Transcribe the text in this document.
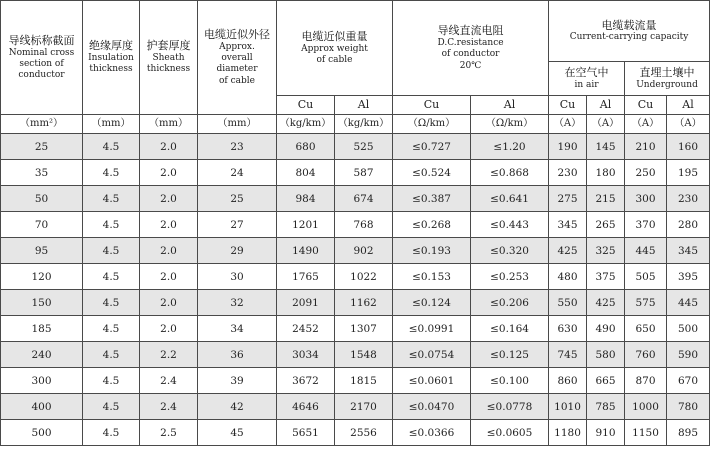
导线标称截面
Nominal cross
section of
conductor	绝缘厚度
Insulation
thickness	护套厚度
Sheath
thickness	电缆近似外径
Approx.
overall
diameter
of cable	电缆近似重量
Approx weight
of cable		导线直流电阻
D.C.resistance
of conductor
20℃		电缆载流量
Current-carrying capacity			

								在空气中
in air		直埋土壤中
Underground	

				Cu	Al	Cu	Al	Cu	Al	Cu	Al
（mm²）	（mm）	（mm）	（mm）	（kg/km）	（kg/km）	（Ω/km）	（Ω/km）	（A）	（A）	（A）	（A）
25	4.5	2.0	23	680	525	≤0.727	≤1.20	190	145	210	160
35	4.5	2.0	24	804	587	≤0.524	≤0.868	230	180	250	195
50	4.5	2.0	25	984	674	≤0.387	≤0.641	275	215	300	230
70	4.5	2.0	27	1201	768	≤0.268	≤0.443	345	265	370	280
95	4.5	2.0	29	1490	902	≤0.193	≤0.320	425	325	445	345
120	4.5	2.0	30	1765	1022	≤0.153	≤0.253	480	375	505	395
150	4.5	2.0	32	2091	1162	≤0.124	≤0.206	550	425	575	445
185	4.5	2.0	34	2452	1307	≤0.0991	≤0.164	630	490	650	500
240	4.5	2.2	36	3034	1548	≤0.0754	≤0.125	745	580	760	590
300	4.5	2.4	39	3672	1815	≤0.0601	≤0.100	860	665	870	670
400	4.5	2.4	42	4646	2170	≤0.0470	≤0.0778	1010	785	1000	780
500	4.5	2.5	45	5651	2556	≤0.0366	≤0.0605	1180	910	1150	895
